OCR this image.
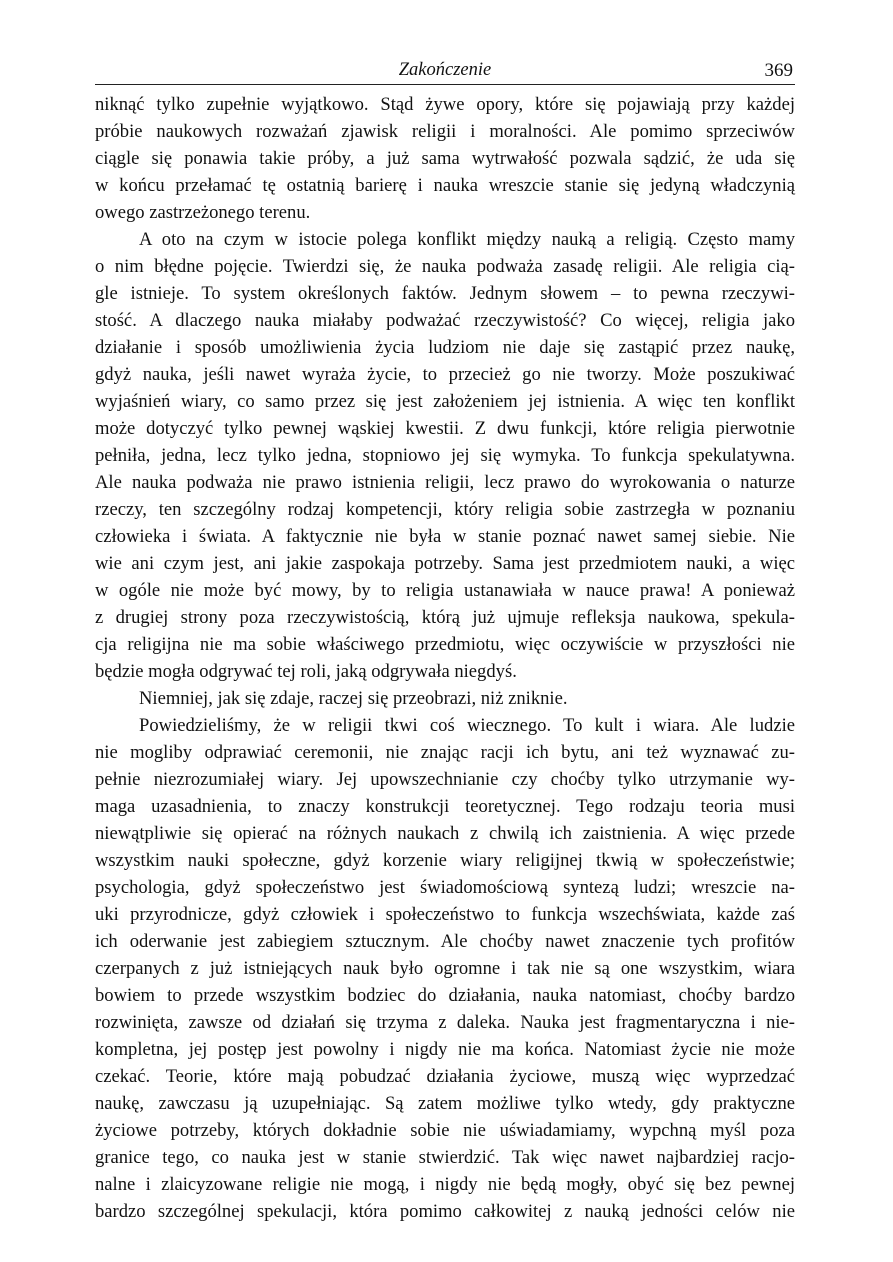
Zakończenie	369

niknąć tylko zupełnie wyjątkowo. Stąd żywe opory, które się pojawiają przy każdej
próbie naukowych rozważań zjawisk religii i moralności. Ale pomimo sprzeciwów
ciągle się ponawia takie próby, a już sama wytrwałość pozwala sądzić, że uda się
w końcu przełamać tę ostatnią barierę i nauka wreszcie stanie się jedyną władczynią
owego zastrzeżonego terenu.

A oto na czym w istocie polega konflikt między nauką a religią. Często mamy
o nim błędne pojęcie. Twierdzi się, że nauka podważa zasadę religii. Ale religia cią-
gle istnieje. To system określonych faktów. Jednym słowem – to pewna rzeczywi-
stość. A dlaczego nauka miałaby podważać rzeczywistość? Co więcej, religia jako
działanie i sposób umożliwienia życia ludziom nie daje się zastąpić przez naukę,
gdyż nauka, jeśli nawet wyraża życie, to przecież go nie tworzy. Może poszukiwać
wyjaśnień wiary, co samo przez się jest założeniem jej istnienia. A więc ten konflikt
może dotyczyć tylko pewnej wąskiej kwestii. Z dwu funkcji, które religia pierwotnie
pełniła, jedna, lecz tylko jedna, stopniowo jej się wymyka. To funkcja spekulatywna.
Ale nauka podważa nie prawo istnienia religii, lecz prawo do wyrokowania o naturze
rzeczy, ten szczególny rodzaj kompetencji, który religia sobie zastrzegła w poznaniu
człowieka i świata. A faktycznie nie była w stanie poznać nawet samej siebie. Nie
wie ani czym jest, ani jakie zaspokaja potrzeby. Sama jest przedmiotem nauki, a więc
w ogóle nie może być mowy, by to religia ustanawiała w nauce prawa! A ponieważ
z drugiej strony poza rzeczywistością, którą już ujmuje refleksja naukowa, spekula-
cja religijna nie ma sobie właściwego przedmiotu, więc oczywiście w przyszłości nie
będzie mogła odgrywać tej roli, jaką odgrywała niegdyś.

Niemniej, jak się zdaje, raczej się przeobrazi, niż zniknie.

Powiedzieliśmy, że w religii tkwi coś wiecznego. To kult i wiara. Ale ludzie
nie mogliby odprawiać ceremonii, nie znając racji ich bytu, ani też wyznawać zu-
pełnie niezrozumiałej wiary. Jej upowszechnianie czy choćby tylko utrzymanie wy-
maga uzasadnienia, to znaczy konstrukcji teoretycznej. Tego rodzaju teoria musi
niewątpliwie się opierać na różnych naukach z chwilą ich zaistnienia. A więc przede
wszystkim nauki społeczne, gdyż korzenie wiary religijnej tkwią w społeczeństwie;
psychologia, gdyż społeczeństwo jest świadomościową syntezą ludzi; wreszcie na-
uki przyrodnicze, gdyż człowiek i społeczeństwo to funkcja wszechświata, każde zaś
ich oderwanie jest zabiegiem sztucznym. Ale choćby nawet znaczenie tych profitów
czerpanych z już istniejących nauk było ogromne i tak nie są one wszystkim, wiara
bowiem to przede wszystkim bodziec do działania, nauka natomiast, choćby bardzo
rozwinięta, zawsze od działań się trzyma z daleka. Nauka jest fragmentaryczna i nie-
kompletna, jej postęp jest powolny i nigdy nie ma końca. Natomiast życie nie może
czekać. Teorie, które mają pobudzać działania życiowe, muszą więc wyprzedzać
naukę, zawczasu ją uzupełniając. Są zatem możliwe tylko wtedy, gdy praktyczne
życiowe potrzeby, których dokładnie sobie nie uświadamiamy, wypchną myśl poza
granice tego, co nauka jest w stanie stwierdzić. Tak więc nawet najbardziej racjo-
nalne i zlaicyzowane religie nie mogą, i nigdy nie będą mogły, obyć się bez pewnej
bardzo szczególnej spekulacji, która pomimo całkowitej z nauką jedności celów nie
